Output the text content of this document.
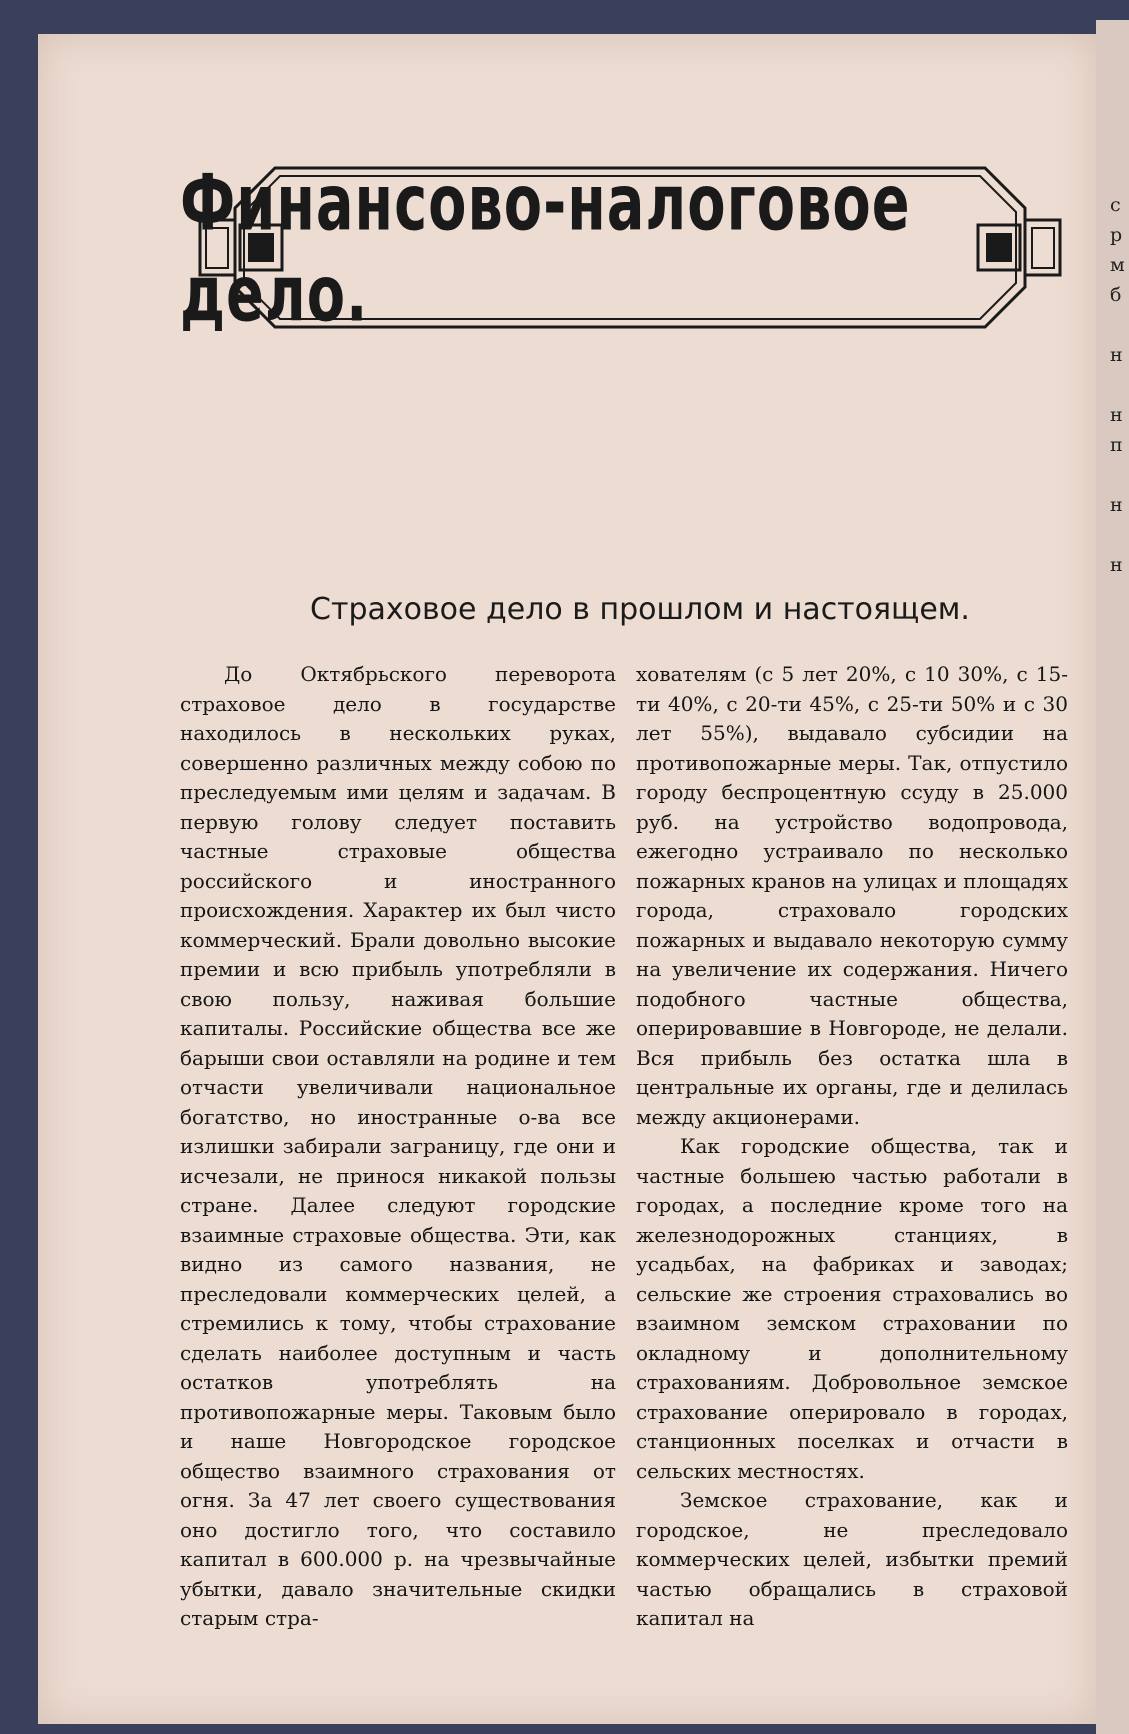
с
р
м
б

н

н
п

н

н
Финансово-налоговое дело.
Страховое дело в прошлом и настоящем.

До Октябрьского переворота страховое дело в государстве находилось в нескольких руках, совершенно различных между собою по преследуемым ими целям и задачам. В первую голову следует поставить частные страховые общества российского и иностранного происхождения. Характер их был чисто коммерческий. Брали довольно высокие премии и всю прибыль употребляли в свою пользу, наживая большие капиталы. Российские общества все же барыши свои оставляли на родине и тем отчасти увеличивали национальное богатство, но иностранные о-ва все излишки забирали заграницу, где они и исчезали, не принося никакой пользы стране. Далее следуют городские взаимные страховые общества. Эти, как видно из самого названия, не преследовали коммерческих целей, а стремились к тому, чтобы страхование сделать наиболее доступным и часть остатков употреблять на противопожарные меры. Таковым было и наше Новгородское городское общество взаимного страхования от огня. За 47 лет своего существования оно достигло того, что составило капитал в 600.000 р. на чрезвычайные убытки, давало значительные скидки старым стра-

хователям (с 5 лет 20%, с 10 30%, с 15-ти 40%, с 20-ти 45%, с 25-ти 50% и с 30 лет 55%), выдавало субсидии на противопожарные меры. Так, отпустило городу беспроцентную ссуду в 25.000 руб. на устройство водопровода, ежегодно устраивало по несколько пожарных кранов на улицах и площадях города, страховало городских пожарных и выдавало некоторую сумму на увеличение их содержания. Ничего подобного частные общества, оперировавшие в Новгороде, не делали. Вся прибыль без остатка шла в центральные их органы, где и делилась между акционерами.

Как городские общества, так и частные большею частью работали в городах, а последние кроме того на железнодорожных станциях, в усадьбах, на фабриках и заводах; сельские же строения страховались во взаимном земском страховании по окладному и дополнительному страхованиям. Добровольное земское страхование оперировало в городах, станционных поселках и отчасти в сельских местностях.

Земское страхование, как и городское, не преследовало коммерческих целей, избытки премий частью обращались в страховой капитал на
